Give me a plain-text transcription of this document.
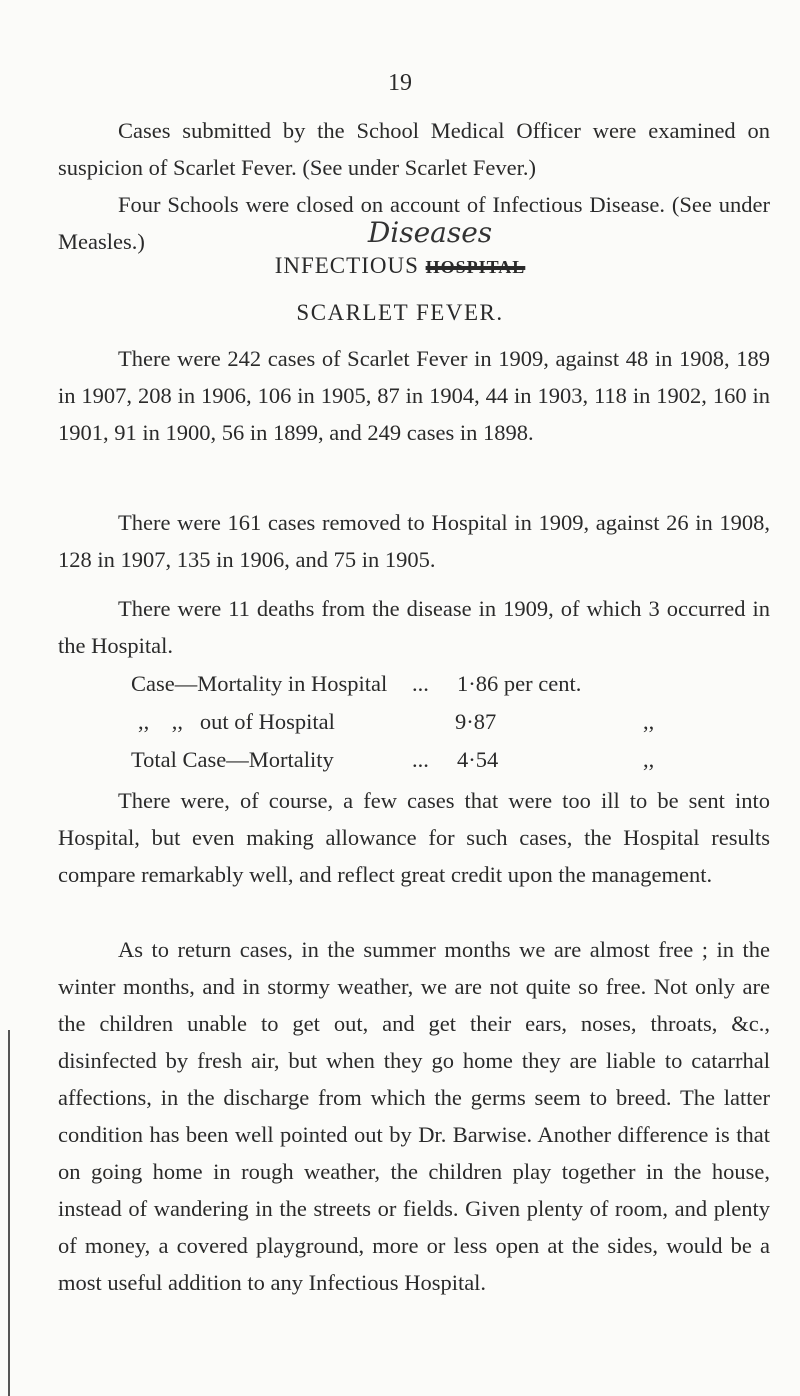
19

Cases submitted by the School Medical Officer were examined on suspicion of Scarlet Fever. (See under Scarlet Fever.)

Four Schools were closed on account of Infectious Disease. (See under Measles.)	Diseases
INFECTIOUS HOSPITAL
SCARLET FEVER.

There were 242 cases of Scarlet Fever in 1909, against 48 in 1908, 189 in 1907, 208 in 1906, 106 in 1905, 87 in 1904, 44 in 1903, 118 in 1902, 160 in 1901, 91 in 1900, 56 in 1899, and 249 cases in 1898.

There were 161 cases removed to Hospital in 1909, against 26 in 1908, 128 in 1907, 135 in 1906, and 75 in 1905.

There were 11 deaths from the disease in 1909, of which 3 occurred in the Hospital.

Case—Mortality in Hospital ... 1·86 per cent.
,,    ,,   out of Hospital	9·87	,,
Total Case—Mortality	... 4·54	,,

There were, of course, a few cases that were too ill to be sent into Hospital, but even making allowance for such cases, the Hospital results compare remarkably well, and reflect great credit upon the management.

As to return cases, in the summer months we are almost free ; in the winter months, and in stormy weather, we are not quite so free. Not only are the children unable to get out, and get their ears, noses, throats, &c., disinfected by fresh air, but when they go home they are liable to catarrhal affections, in the discharge from which the germs seem to breed. The latter condition has been well pointed out by Dr. Barwise. Another difference is that on going home in rough weather, the children play together in the house, instead of wandering in the streets or fields. Given plenty of room, and plenty of money, a covered playground, more or less open at the sides, would be a most useful addition to any Infectious Hospital.
